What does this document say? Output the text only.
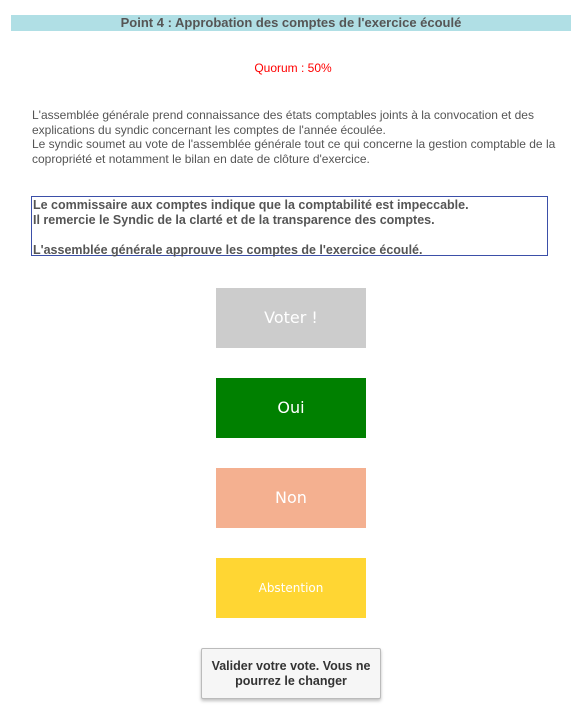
Point 4 : Approbation des comptes de l'exercice écoulé
Quorum : 50%

L'assemblée générale prend connaissance des états comptables joints à la convocation et des explications du syndic concernant les comptes de l'année écoulée.

Le syndic soumet au vote de l'assemblée générale tout ce qui concerne la gestion comptable de la copropriété et notamment le bilan en date de clôture d'exercice.

Le commissaire aux comptes indique que la comptabilité est impeccable.

Il remercie le Syndic de la clarté et de la transparence des comptes.

L'assemblée générale approuve les comptes de l'exercice écoulé.

Voter !
Oui
Non
Abstention
Valider votre vote. Vous ne pourrez le changer
